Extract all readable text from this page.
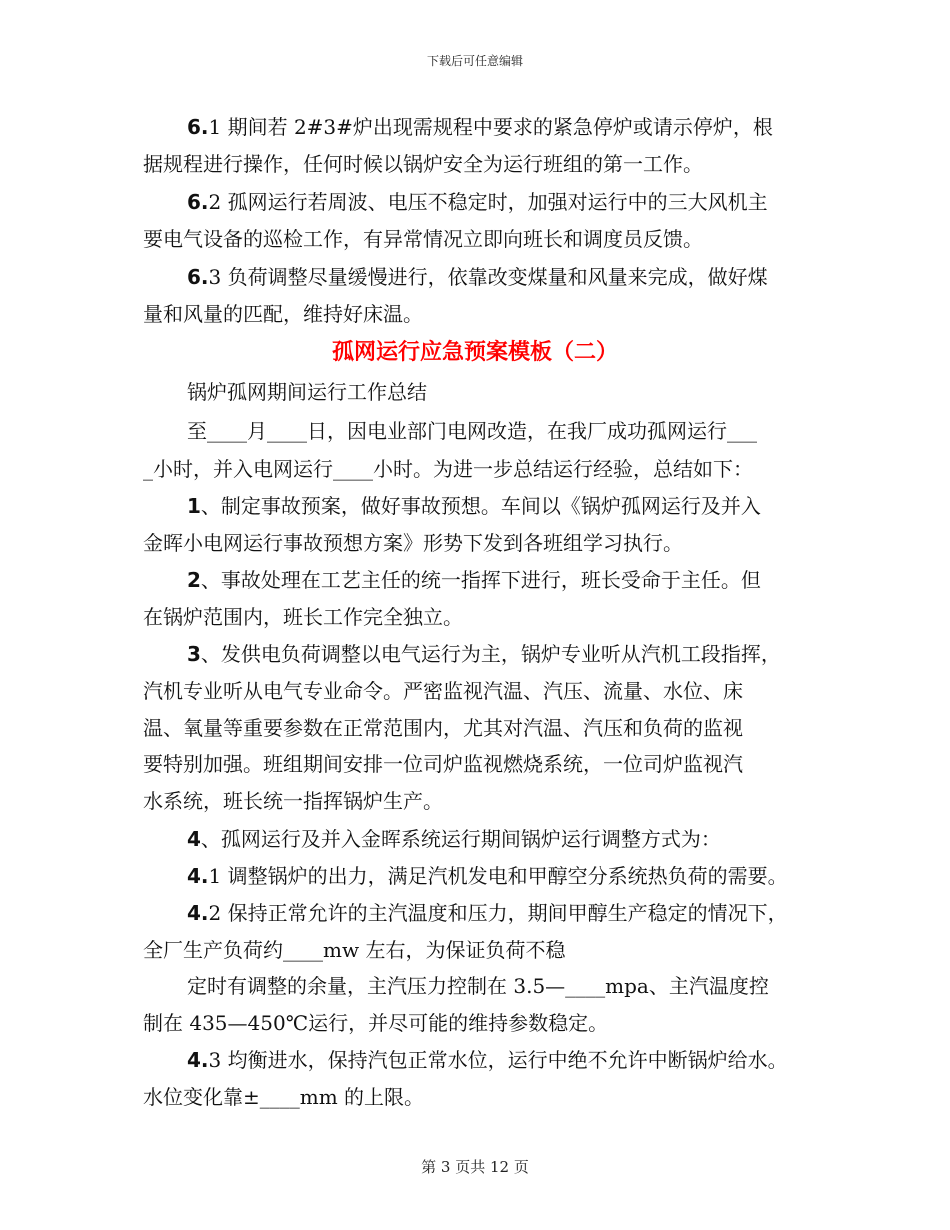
下载后可任意编辑
6.1 期间若 2#3#炉出现需规程中要求的紧急停炉或请示停炉，根
据规程进行操作，任何时候以锅炉安全为运行班组的第一工作。
6.2 孤网运行若周波、电压不稳定时，加强对运行中的三大风机主
要电气设备的巡检工作，有异常情况立即向班长和调度员反馈。
6.3 负荷调整尽量缓慢进行，依靠改变煤量和风量来完成，做好煤
量和风量的匹配，维持好床温。
孤网运行应急预案模板（二）
锅炉孤网期间运行工作总结
至____月____日，因电业部门电网改造，在我厂成功孤网运行___
_小时，并入电网运行____小时。为进一步总结运行经验，总结如下：
1、制定事故预案，做好事故预想。车间以《锅炉孤网运行及并入
金晖小电网运行事故预想方案》形势下发到各班组学习执行。
2、事故处理在工艺主任的统一指挥下进行，班长受命于主任。但
在锅炉范围内，班长工作完全独立。
3、发供电负荷调整以电气运行为主，锅炉专业听从汽机工段指挥，
汽机专业听从电气专业命令。严密监视汽温、汽压、流量、水位、床
温、氧量等重要参数在正常范围内，尤其对汽温、汽压和负荷的监视
要特别加强。班组期间安排一位司炉监视燃烧系统，一位司炉监视汽
水系统，班长统一指挥锅炉生产。
4、孤网运行及并入金晖系统运行期间锅炉运行调整方式为：
4.1 调整锅炉的出力，满足汽机发电和甲醇空分系统热负荷的需要。
4.2 保持正常允许的主汽温度和压力，期间甲醇生产稳定的情况下，
全厂生产负荷约____mw 左右，为保证负荷不稳
定时有调整的余量，主汽压力控制在 3.5—____mpa、主汽温度控
制在 435—450℃运行，并尽可能的维持参数稳定。
4.3 均衡进水，保持汽包正常水位，运行中绝不允许中断锅炉给水。
水位变化靠±____mm 的上限。
第 3 页共 12 页
